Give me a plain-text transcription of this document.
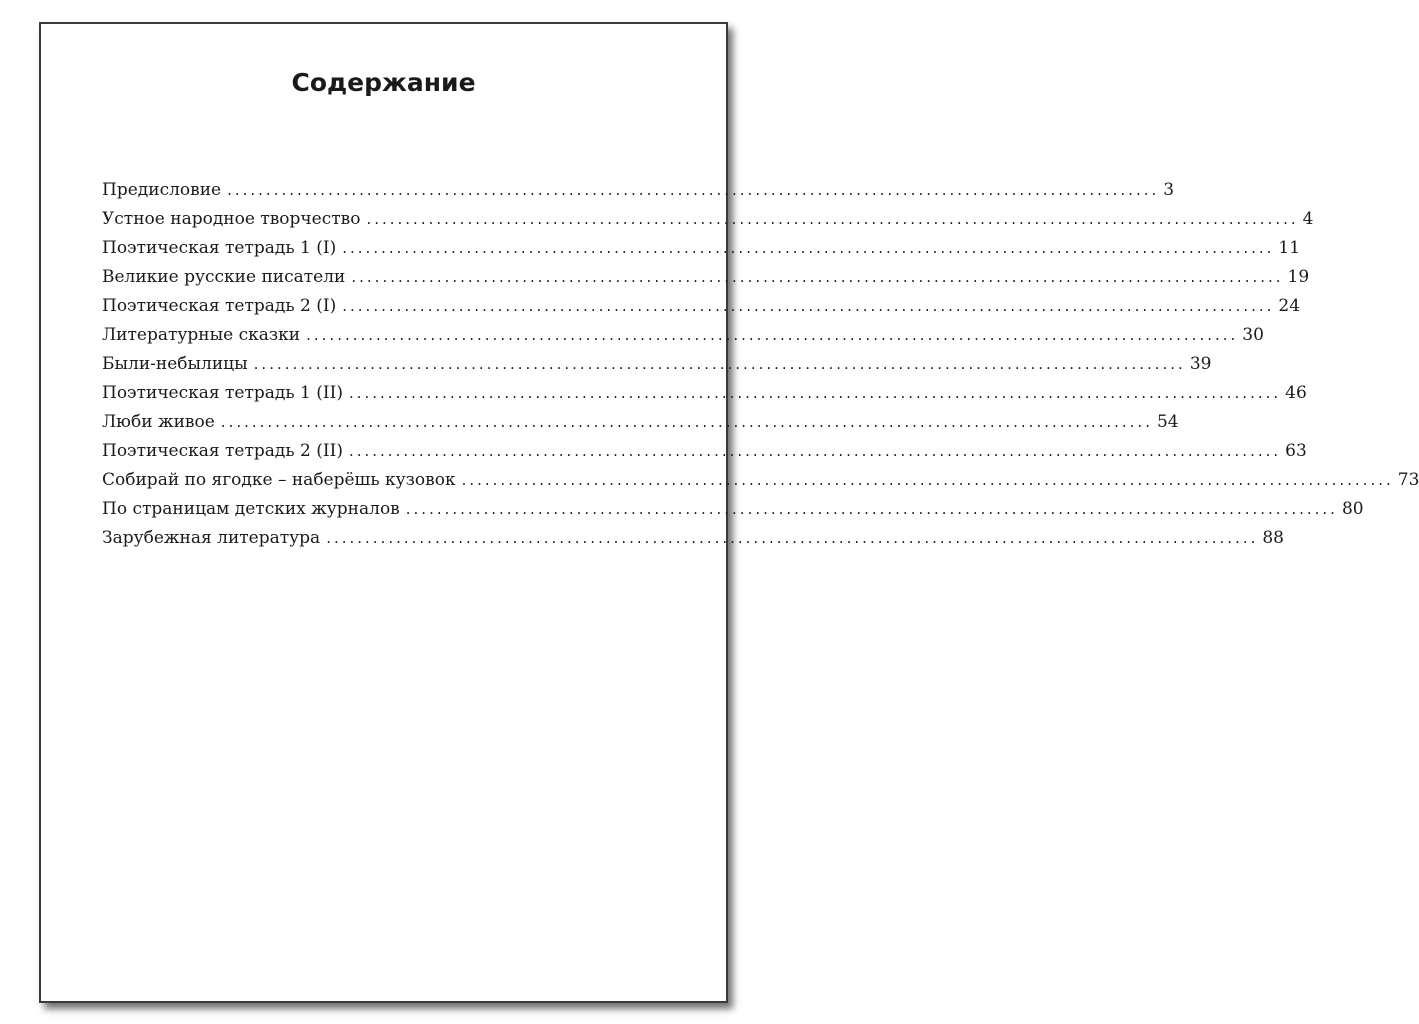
Содержание
Предисловие ........................................................................................................................ 3
Устное народное творчество ........................................................................................................................ 4
Поэтическая тетрадь 1 (I) ........................................................................................................................ 11
Великие русские писатели ........................................................................................................................ 19
Поэтическая тетрадь 2 (I) ........................................................................................................................ 24
Литературные сказки ........................................................................................................................ 30
Были-небылицы ........................................................................................................................ 39
Поэтическая тетрадь 1 (II) ........................................................................................................................ 46
Люби живое ........................................................................................................................ 54
Поэтическая тетрадь 2 (II) ........................................................................................................................ 63
Собирай по ягодке – наберёшь кузовок ........................................................................................................................ 73
По страницам детских журналов ........................................................................................................................ 80
Зарубежная литература ........................................................................................................................ 88
